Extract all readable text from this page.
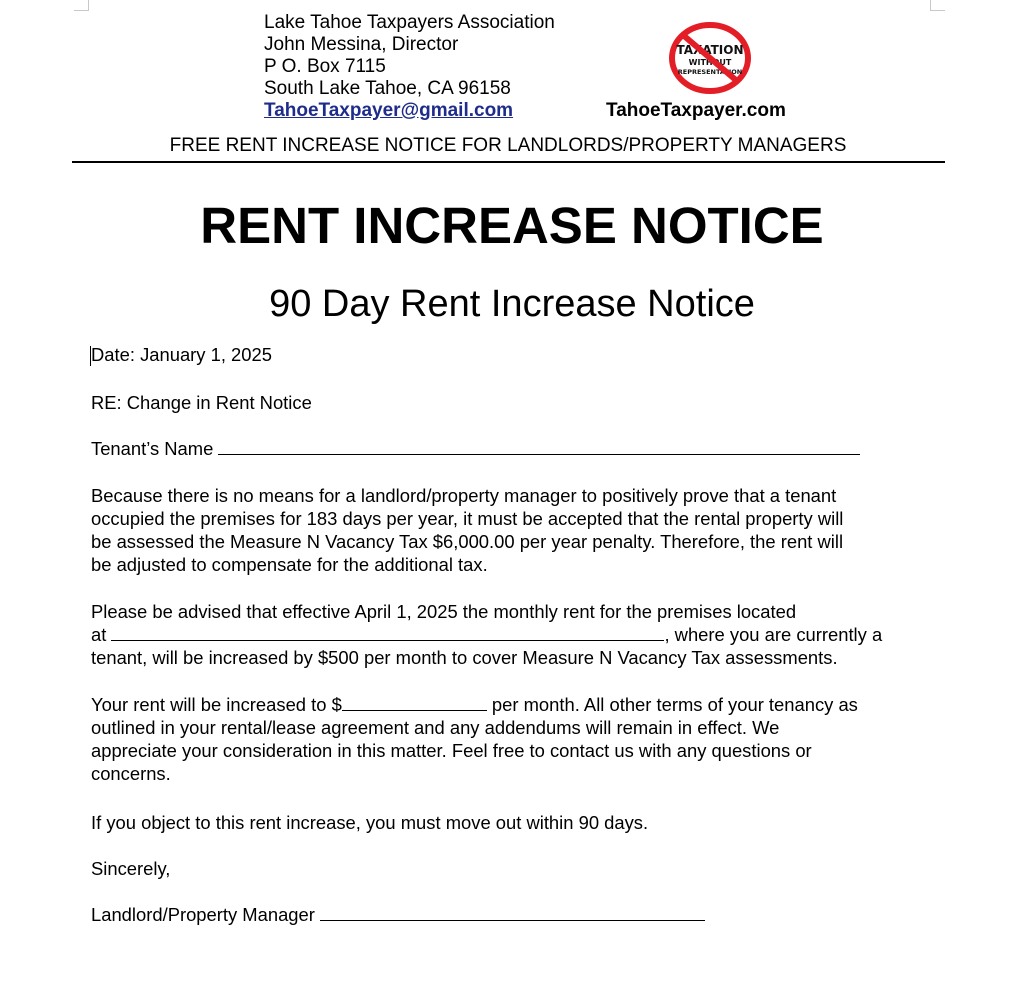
Lake Tahoe Taxpayers Association
John Messina, Director
P O. Box 7115
South Lake Tahoe, CA 96158
TahoeTaxpayer@gmail.com
TAXATION
WITHOUT
REPRESENTATION
TahoeTaxpayer.com
FREE RENT INCREASE NOTICE FOR LANDLORDS/PROPERTY MANAGERS
RENT INCREASE NOTICE
90 Day Rent Increase Notice
Date: January 1, 2025
RE: Change in Rent Notice
Tenant’s Name
Because there is no means for a landlord/property manager to positively prove that a tenant
occupied the premises for 183 days per year, it must be accepted that the rental property will
be assessed the Measure N Vacancy Tax $6,000.00 per year penalty. Therefore, the rent will
be adjusted to compensate for the additional tax.
Please be advised that effective April 1, 2025 the monthly rent for the premises located
at	, where you are currently a
tenant, will be increased by $500 per month to cover Measure N Vacancy Tax assessments.
Your rent will be increased to $	per month. All other terms of your tenancy as
outlined in your rental/lease agreement and any addendums will remain in effect. We
appreciate your consideration in this matter. Feel free to contact us with any questions or
concerns.
If you object to this rent increase, you must move out within 90 days.
Sincerely,
Landlord/Property Manager
